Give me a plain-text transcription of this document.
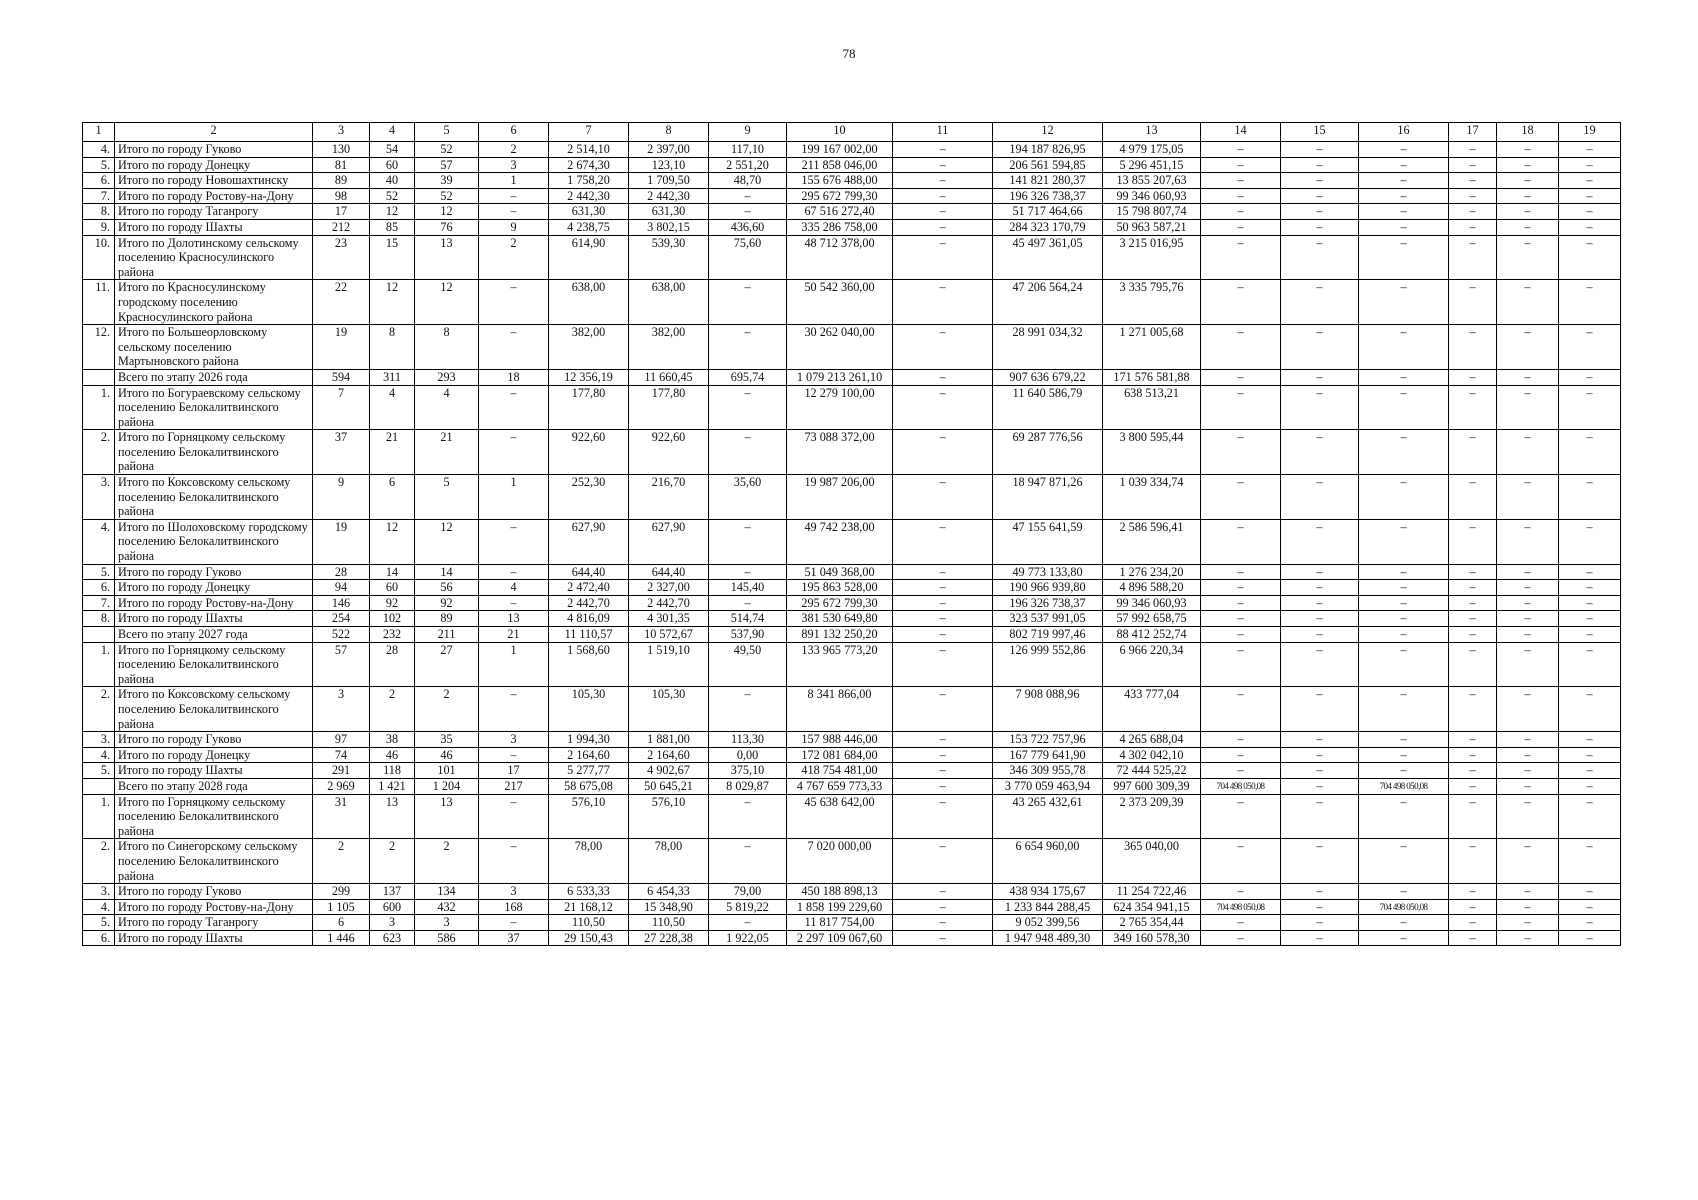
78
1	2	3	4	5	6	7	8	9	10	11	12	13	14	15	16	17	18	19
4.	Итого по городу Гуково	130	54	52	2	2 514,10	2 397,00	117,10	199 167 002,00	–	194 187 826,95	4 979 175,05	–	–	–	–	–	–
5.	Итого по городу Донецку	81	60	57	3	2 674,30	123,10	2 551,20	211 858 046,00	–	206 561 594,85	5 296 451,15	–	–	–	–	–	–
6.	Итого по городу Новошахтинску	89	40	39	1	1 758,20	1 709,50	48,70	155 676 488,00	–	141 821 280,37	13 855 207,63	–	–	–	–	–	–
7.	Итого по городу Ростову-на-Дону	98	52	52	–	2 442,30	2 442,30	–	295 672 799,30	–	196 326 738,37	99 346 060,93	–	–	–	–	–	–
8.	Итого по городу Таганрогу	17	12	12	–	631,30	631,30	–	67 516 272,40	–	51 717 464,66	15 798 807,74	–	–	–	–	–	–
9.	Итого по городу Шахты	212	85	76	9	4 238,75	3 802,15	436,60	335 286 758,00	–	284 323 170,79	50 963 587,21	–	–	–	–	–	–
10.	Итого по Долотинскому сельскому поселению Красносулинского района	23	15	13	2	614,90	539,30	75,60	48 712 378,00	–	45 497 361,05	3 215 016,95	–	–	–	–	–	–
11.	Итого по Красносулинскому городскому поселению Красносулинского района	22	12	12	–	638,00	638,00	–	50 542 360,00	–	47 206 564,24	3 335 795,76	–	–	–	–	–	–
12.	Итого по Большеорловскому сельскому поселению Мартыновского района	19	8	8	–	382,00	382,00	–	30 262 040,00	–	28 991 034,32	1 271 005,68	–	–	–	–	–	–
	Всего по этапу 2026 года	594	311	293	18	12 356,19	11 660,45	695,74	1 079 213 261,10	–	907 636 679,22	171 576 581,88	–	–	–	–	–	–
1.	Итого по Богураевскому сельскому поселению Белокалитвинского района	7	4	4	–	177,80	177,80	–	12 279 100,00	–	11 640 586,79	638 513,21	–	–	–	–	–	–
2.	Итого по Горняцкому сельскому поселению Белокалитвинского района	37	21	21	–	922,60	922,60	–	73 088 372,00	–	69 287 776,56	3 800 595,44	–	–	–	–	–	–
3.	Итого по Коксовскому сельскому поселению Белокалитвинского района	9	6	5	1	252,30	216,70	35,60	19 987 206,00	–	18 947 871,26	1 039 334,74	–	–	–	–	–	–
4.	Итого по Шолоховскому городскому поселению Белокалитвинского района	19	12	12	–	627,90	627,90	–	49 742 238,00	–	47 155 641,59	2 586 596,41	–	–	–	–	–	–
5.	Итого по городу Гуково	28	14	14	–	644,40	644,40	–	51 049 368,00	–	49 773 133,80	1 276 234,20	–	–	–	–	–	–
6.	Итого по городу Донецку	94	60	56	4	2 472,40	2 327,00	145,40	195 863 528,00	–	190 966 939,80	4 896 588,20	–	–	–	–	–	–
7.	Итого по городу Ростову-на-Дону	146	92	92	–	2 442,70	2 442,70	–	295 672 799,30	–	196 326 738,37	99 346 060,93	–	–	–	–	–	–
8.	Итого по городу Шахты	254	102	89	13	4 816,09	4 301,35	514,74	381 530 649,80	–	323 537 991,05	57 992 658,75	–	–	–	–	–	–
	Всего по этапу 2027 года	522	232	211	21	11 110,57	10 572,67	537,90	891 132 250,20	–	802 719 997,46	88 412 252,74	–	–	–	–	–	–
1.	Итого по Горняцкому сельскому поселению Белокалитвинского района	57	28	27	1	1 568,60	1 519,10	49,50	133 965 773,20	–	126 999 552,86	6 966 220,34	–	–	–	–	–	–
2.	Итого по Коксовскому сельскому поселению Белокалитвинского района	3	2	2	–	105,30	105,30	–	8 341 866,00	–	7 908 088,96	433 777,04	–	–	–	–	–	–
3.	Итого по городу Гуково	97	38	35	3	1 994,30	1 881,00	113,30	157 988 446,00	–	153 722 757,96	4 265 688,04	–	–	–	–	–	–
4.	Итого по городу Донецку	74	46	46	–	2 164,60	2 164,60	0,00	172 081 684,00	–	167 779 641,90	4 302 042,10	–	–	–	–	–	–
5.	Итого по городу Шахты	291	118	101	17	5 277,77	4 902,67	375,10	418 754 481,00	–	346 309 955,78	72 444 525,22	–	–	–	–	–	–
	Всего по этапу 2028 года	2 969	1 421	1 204	217	58 675,08	50 645,21	8 029,87	4 767 659 773,33	–	3 770 059 463,94	997 600 309,39	704 498 050,08	–	704 498 050,08	–	–	–
1.	Итого по Горняцкому сельскому поселению Белокалитвинского района	31	13	13	–	576,10	576,10	–	45 638 642,00	–	43 265 432,61	2 373 209,39	–	–	–	–	–	–
2.	Итого по Синегорскому сельскому поселению Белокалитвинского района	2	2	2	–	78,00	78,00	–	7 020 000,00	–	6 654 960,00	365 040,00	–	–	–	–	–	–
3.	Итого по городу Гуково	299	137	134	3	6 533,33	6 454,33	79,00	450 188 898,13	–	438 934 175,67	11 254 722,46	–	–	–	–	–	–
4.	Итого по городу Ростову-на-Дону	1 105	600	432	168	21 168,12	15 348,90	5 819,22	1 858 199 229,60	–	1 233 844 288,45	624 354 941,15	704 498 050,08	–	704 498 050,08	–	–	–
5.	Итого по городу Таганрогу	6	3	3	–	110,50	110,50	–	11 817 754,00	–	9 052 399,56	2 765 354,44	–	–	–	–	–	–
6.	Итого по городу Шахты	1 446	623	586	37	29 150,43	27 228,38	1 922,05	2 297 109 067,60	–	1 947 948 489,30	349 160 578,30	–	–	–	–	–	–
